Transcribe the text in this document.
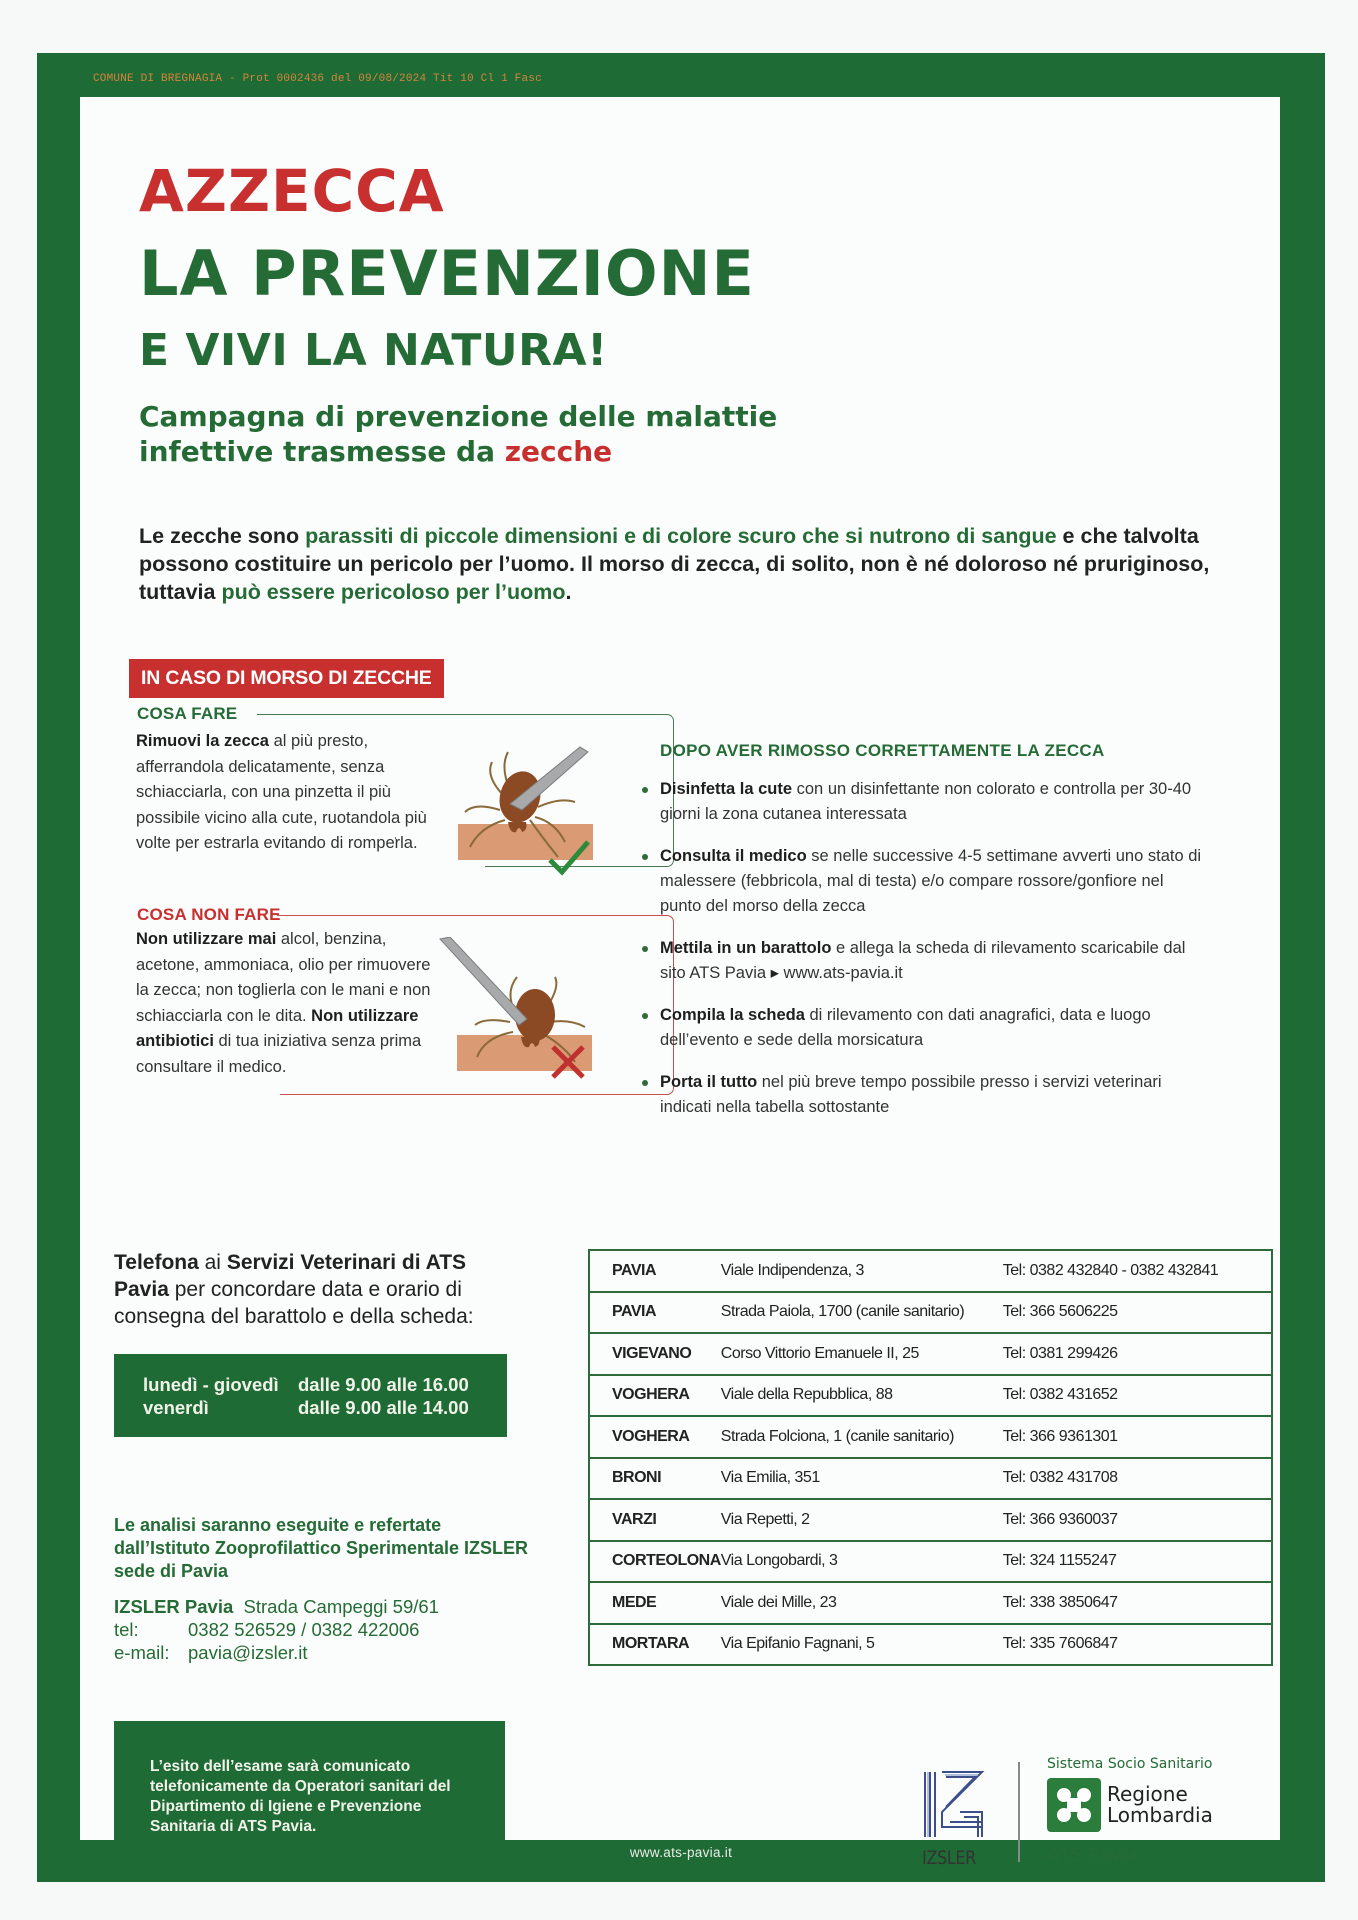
COMUNE DI BREGNAGIA - Prot 0002436 del 09/08/2024 Tit 10 Cl 1 Fasc
AZZECCA
LA PREVENZIONE
E VIVI LA NATURA!
Campagna di prevenzione delle malattie
infettive trasmesse da zecche
Le zecche sono parassiti di piccole dimensioni e di colore scuro che si nutrono di sangue e che talvolta possono costituire un pericolo per l’uomo. Il morso di zecca, di solito, non è né doloroso né pruriginoso, tuttavia può essere pericoloso per l’uomo.
IN CASO DI MORSO DI ZECCHE
COSA FARE
Rimuovi la zecca al più presto, afferrandola delicatamente, senza schiacciarla, con una pinzetta il più possibile vicino alla cute, ruotandola più volte per estrarla evitando di romperla.
COSA NON FARE
Non utilizzare mai alcol, benzina, acetone, ammoniaca, olio per rimuovere la zecca; non toglierla con le mani e non schiacciarla con le dita. Non utilizzare antibiotici di tua iniziativa senza prima consultare il medico.
DOPO AVER RIMOSSO CORRETTAMENTE LA ZECCA
Disinfetta la cute con un disinfettante non colorato e controlla per 30-40 giorni la zona cutanea interessata
Consulta il medico se nelle successive 4-5 settimane avverti uno stato di malessere (febbricola, mal di testa) e/o compare rossore/gonfiore nel punto del morso della zecca
Mettila in un barattolo e allega la scheda di rilevamento scaricabile dal sito ATS Pavia ▸ www.ats-pavia.it
Compila la scheda di rilevamento con dati anagrafici, data e luogo dell’evento e sede della morsicatura
Porta il tutto nel più breve tempo possibile presso i servizi veterinari indicati nella tabella sottostante
Telefona ai Servizi Veterinari di ATS Pavia per concordare data e orario di consegna del barattolo e della scheda:
lunedì - giovedì	dalle 9.00 alle 16.00
venerdì	dalle 9.00 alle 14.00
Le analisi saranno eseguite e refertate dall’Istituto Zooprofilattico Sperimentale IZSLER sede di Pavia
IZSLER Pavia Strada Campeggi 59/61
tel:	0382 526529 / 0382 422006
e-mail: pavia@izsler.it

L’esito dell’esame sarà comunicato telefonicamente da Operatori sanitari del Dipartimento di Igiene e Prevenzione Sanitaria di ATS Pavia.

PAVIA	Viale Indipendenza, 3	Tel: 0382 432840 - 0382 432841
PAVIA	Strada Paiola, 1700 (canile sanitario)	Tel: 366 5606225
VIGEVANO	Corso Vittorio Emanuele II, 25	Tel: 0381 299426
VOGHERA	Viale della Repubblica, 88	Tel: 0382 431652
VOGHERA	Strada Folciona, 1 (canile sanitario)	Tel: 366 9361301
BRONI	Via Emilia, 351	Tel: 0382 431708
VARZI	Via Repetti, 2	Tel: 366 9360037
CORTEOLONA	Via Longobardi, 3	Tel: 324 1155247
MEDE	Viale dei Mille, 23	Tel: 338 3850647
MORTARA	Via Epifanio Fagnani, 5	Tel: 335 7606847
IZSLER
Sistema Socio Sanitario
Regione
Lombardia
ATS Pavia
www.ats-pavia.it
